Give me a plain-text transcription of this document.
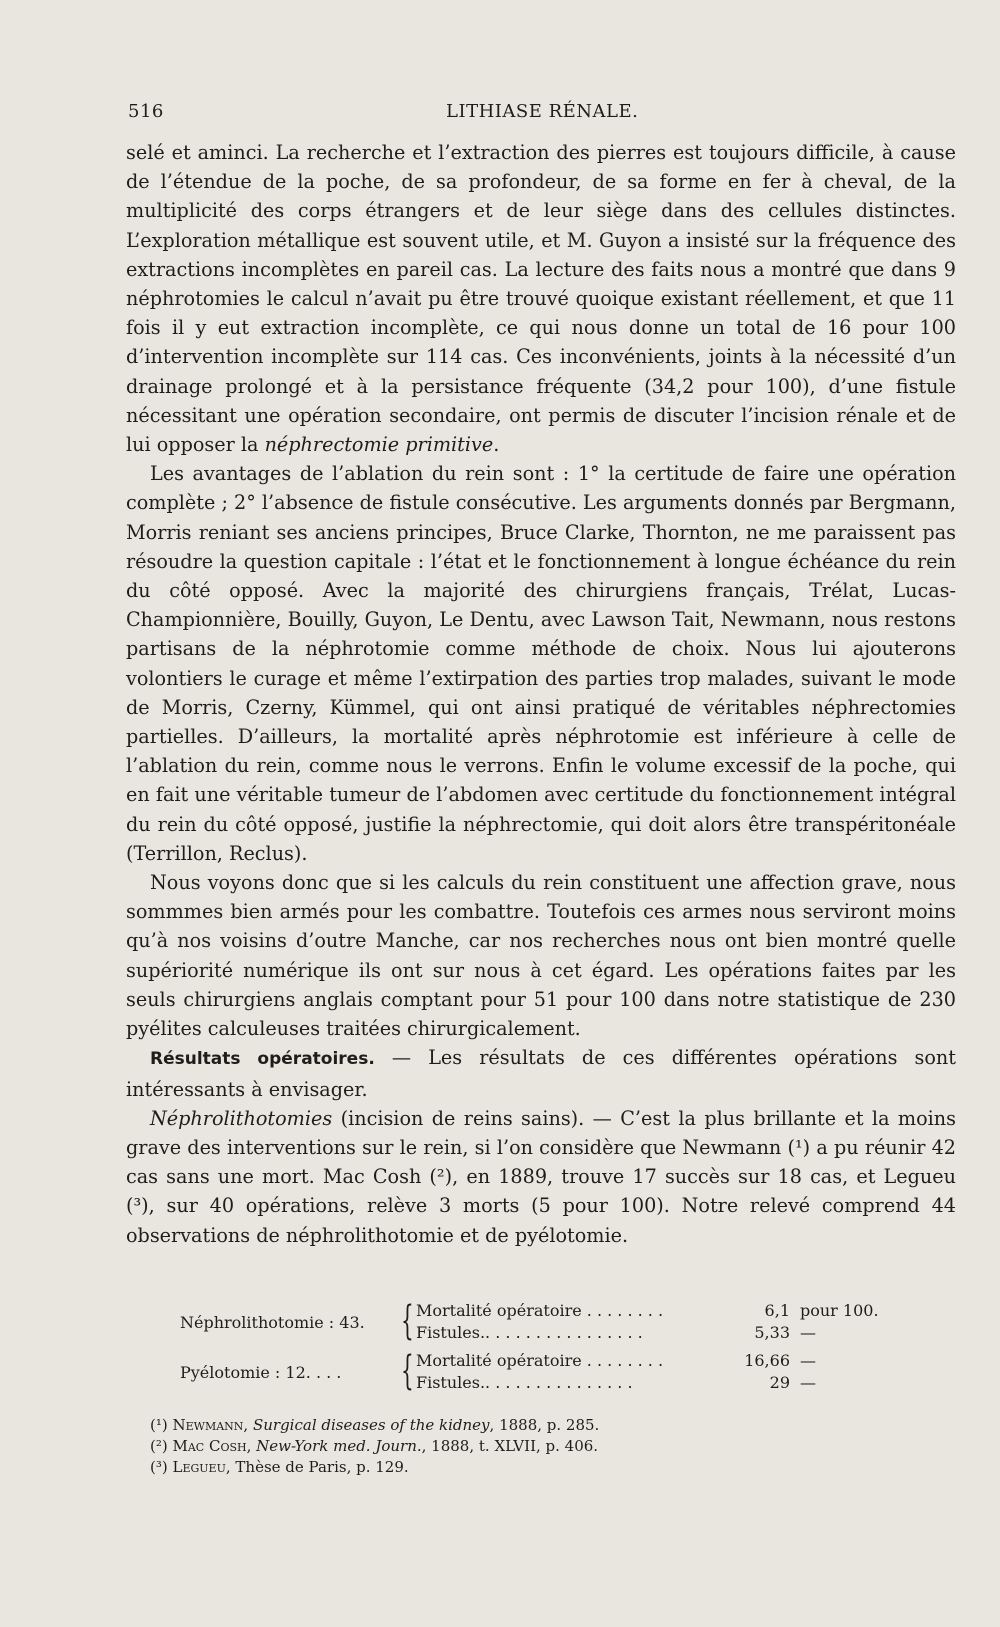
516	LITHIASE RÉNALE.

selé et aminci. La recherche et l’extraction des pierres est toujours difficile, à cause de l’étendue de la poche, de sa profondeur, de sa forme en fer à cheval, de la multiplicité des corps étrangers et de leur siège dans des cellules distinctes. L’exploration métallique est souvent utile, et M. Guyon a insisté sur la fréquence des extractions incomplètes en pareil cas. La lecture des faits nous a montré que dans 9 néphrotomies le calcul n’avait pu être trouvé quoique existant réellement, et que 11 fois il y eut extraction incomplète, ce qui nous donne un total de 16 pour 100 d’intervention incomplète sur 114 cas. Ces inconvénients, joints à la nécessité d’un drainage prolongé et à la persistance fréquente (34,2 pour 100), d’une fistule nécessitant une opération secondaire, ont permis de discuter l’incision rénale et de lui opposer la néphrectomie primitive.

Les avantages de l’ablation du rein sont : 1° la certitude de faire une opération complète ; 2° l’absence de fistule consécutive. Les arguments donnés par Bergmann, Morris reniant ses anciens principes, Bruce Clarke, Thornton, ne me paraissent pas résoudre la question capitale : l’état et le fonctionnement à longue échéance du rein du côté opposé. Avec la majorité des chirurgiens français, Trélat, Lucas-Championnière, Bouilly, Guyon, Le Dentu, avec Lawson Tait, Newmann, nous restons partisans de la néphrotomie comme méthode de choix. Nous lui ajouterons volontiers le curage et même l’extirpation des parties trop malades, suivant le mode de Morris, Czerny, Kümmel, qui ont ainsi pratiqué de véritables néphrectomies partielles. D’ailleurs, la mortalité après néphrotomie est inférieure à celle de l’ablation du rein, comme nous le verrons. Enfin le volume excessif de la poche, qui en fait une véritable tumeur de l’abdomen avec certitude du fonctionnement intégral du rein du côté opposé, justifie la néphrectomie, qui doit alors être transpéritonéale (Terrillon, Reclus).

Nous voyons donc que si les calculs du rein constituent une affection grave, nous sommmes bien armés pour les combattre. Toutefois ces armes nous serviront moins qu’à nos voisins d’outre Manche, car nos recherches nous ont bien montré quelle supériorité numérique ils ont sur nous à cet égard. Les opérations faites par les seuls chirurgiens anglais comptant pour 51 pour 100 dans notre statistique de 230 pyélites calculeuses traitées chirurgicalement.

Résultats opératoires. — Les résultats de ces différentes opérations sont intéressants à envisager.

Néphrolithotomies (incision de reins sains). — C’est la plus brillante et la moins grave des interventions sur le rein, si l’on considère que Newmann (¹) a pu réunir 42 cas sans une mort. Mac Cosh (²), en 1889, trouve 17 succès sur 18 cas, et Legueu (³), sur 40 opérations, relève 3 morts (5 pour 100). Notre relevé comprend 44 observations de néphrolithotomie et de pyélotomie.

Néphrolithotomie : 43. { Mortalité opératoire . . . . . . . .	6,1 pour 100.
Fistules.. . . . . . . . . . . . . . . .	5,33 —
Pyélotomie : 12. . . . { Mortalité opératoire . . . . . . . .	16,66 —
Fistules.. . . . . . . . . . . . . . .	29 —
(¹) Newmann, Surgical diseases of the kidney, 1888, p. 285.
(²) Mac Cosh, New-York med. Journ., 1888, t. XLVII, p. 406.
(³) Legueu, Thèse de Paris, p. 129.
